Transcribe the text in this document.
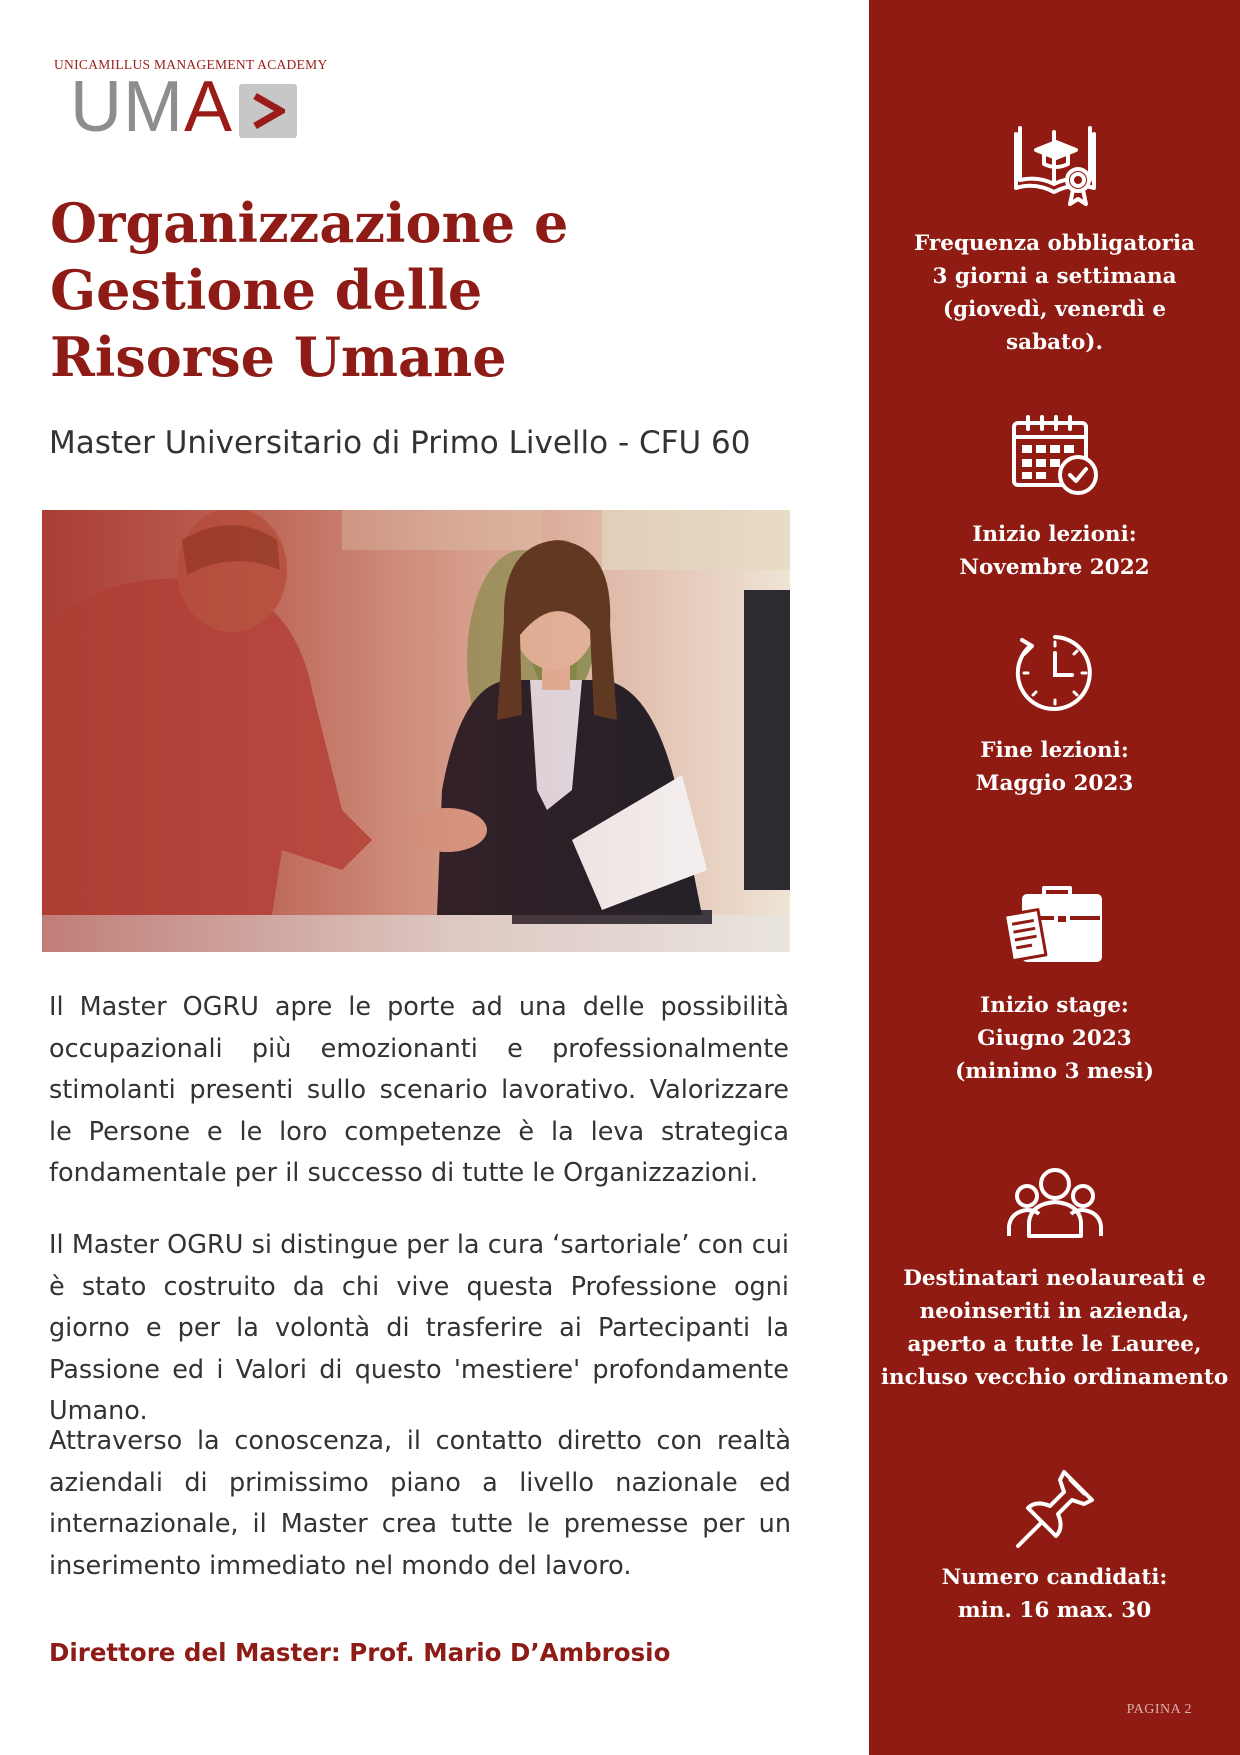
UNICAMILLUS MANAGEMENT ACADEMY
UMA
Organizzazione e
Gestione delle
Risorse Umane
Master Universitario di Primo Livello - CFU 60

Il Master OGRU apre le porte ad una delle possibilità occupazionali più emozionanti e professionalmente stimolanti presenti sullo scenario lavorativo. Valorizzare le Persone e le loro competenze è la leva strategica fondamentale per il successo di tutte le Organizzazioni.

Il Master OGRU si distingue per la cura ‘sartoriale’ con cui è stato costruito da chi vive questa Professione ogni giorno e per la volontà di trasferire ai Partecipanti la Passione ed i Valori di questo 'mestiere' profondamente Umano.

Attraverso la conoscenza, il contatto diretto con realtà aziendali di primissimo piano a livello nazionale ed internazionale, il Master crea tutte le premesse per un inserimento immediato nel mondo del lavoro.

Direttore del Master: Prof. Mario D’Ambrosio
Frequenza obbligatoria
3 giorni a settimana
(giovedì, venerdì e
sabato).
Inizio lezioni:
Novembre 2022
Fine lezioni:
Maggio 2023
Inizio stage:
Giugno 2023
(minimo 3 mesi)
Destinatari neolaureati e
neoinseriti in azienda,
aperto a tutte le Lauree,
incluso vecchio ordinamento
Numero candidati:
min. 16 max. 30
PAGINA 2
